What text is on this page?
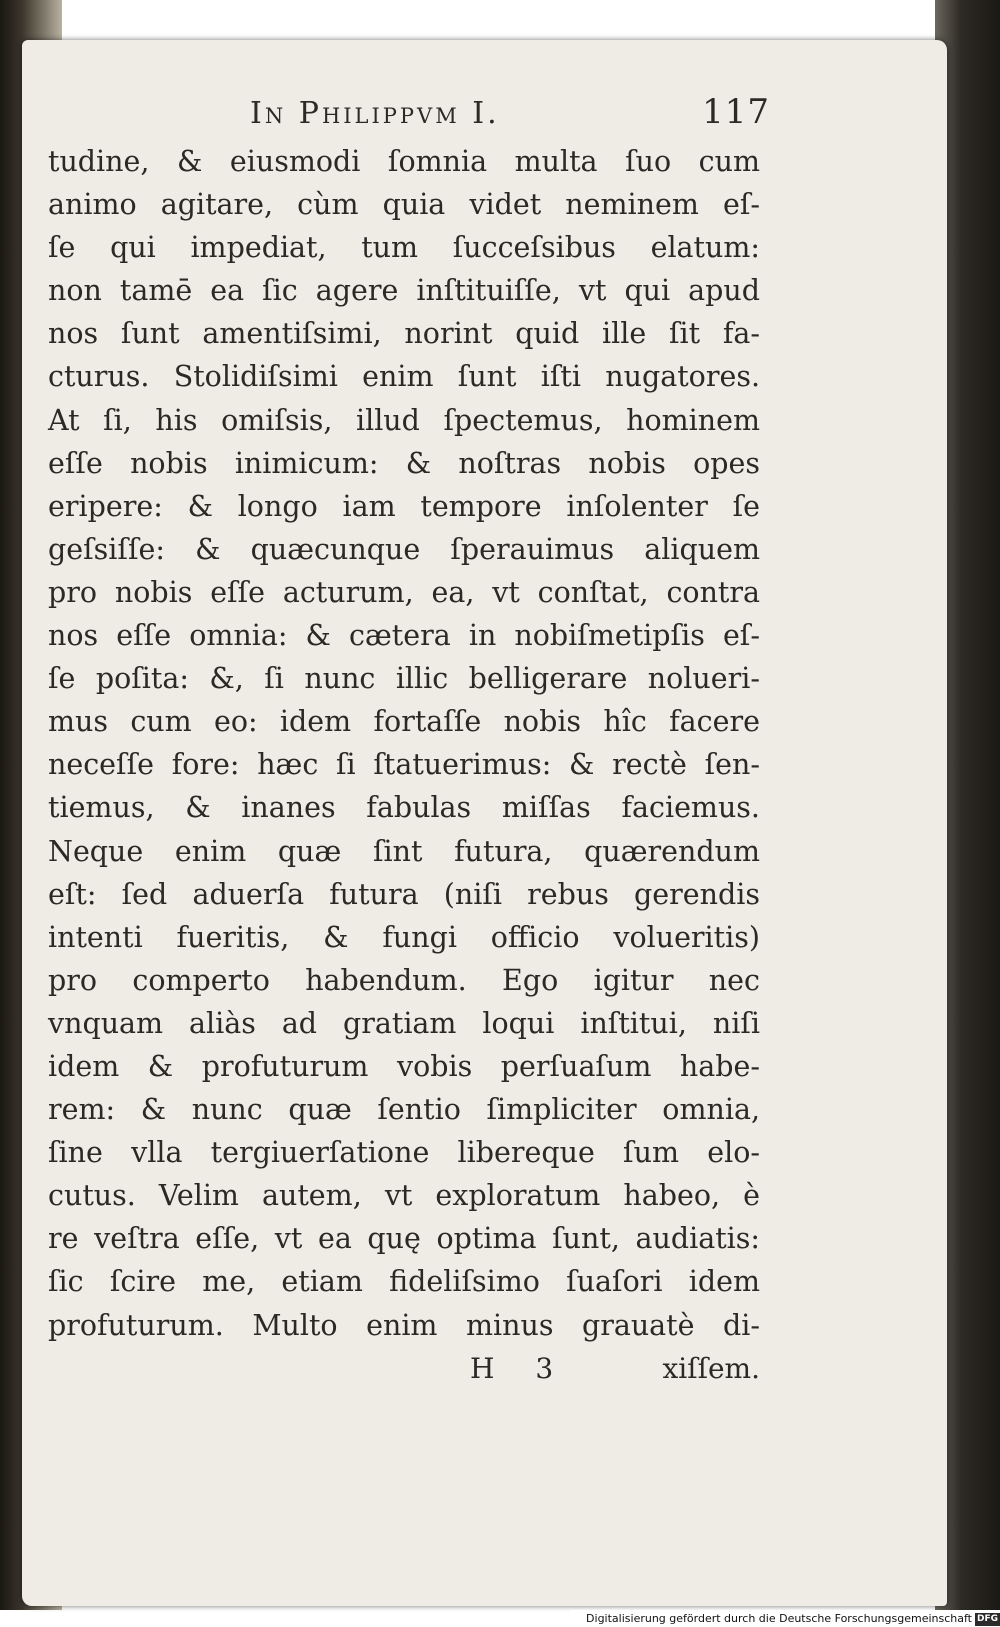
In Philippvm I.	117
tudine, & eiusmodi ſomnia multa ſuo cum
animo agitare, cùm quia videt neminem eſ-
ſe qui impediat, tum ſucceſsibus elatum:
non tamē ea ſic agere inſtituiſſe, vt qui apud
nos ſunt amentiſsimi, norint quid ille ſit fa-
cturus. Stolidiſsimi enim ſunt iſti nugatores.
At ſi, his omiſsis, illud ſpectemus, hominem
eſſe nobis inimicum: & noſtras nobis opes
eripere: & longo iam tempore inſolenter ſe
geſsiſſe: & quæcunque ſperauimus aliquem
pro nobis eſſe acturum, ea, vt conſtat, contra
nos eſſe omnia: & cætera in nobiſmetipſis eſ-
ſe poſita: &, ſi nunc illic belligerare nolueri-
mus cum eo: idem fortaſſe nobis hîc facere
neceſſe fore: hæc ſi ſtatuerimus: & rectè ſen-
tiemus, & inanes fabulas miſſas faciemus.
Neque enim quæ ſint futura, quærendum
eſt: ſed aduerſa futura (niſi rebus gerendis
intenti fueritis, & fungi officio volueritis)
pro comperto habendum. Ego igitur nec
vnquam aliàs ad gratiam loqui inſtitui, niſi
idem & profuturum vobis perſuaſum habe-
rem: & nunc quæ ſentio ſimpliciter omnia,
ſine vlla tergiuerſatione libereque ſum elo-
cutus. Velim autem, vt exploratum habeo, è
re veſtra eſſe, vt ea quę optima ſunt, audiatis:
ſic ſcire me, etiam fideliſsimo ſuaſori idem
profuturum. Multo enim minus grauatè di-
H 3	xiſſem.
Digitalisierung gefördert durch die Deutsche Forschungsgemeinschaft DFG
